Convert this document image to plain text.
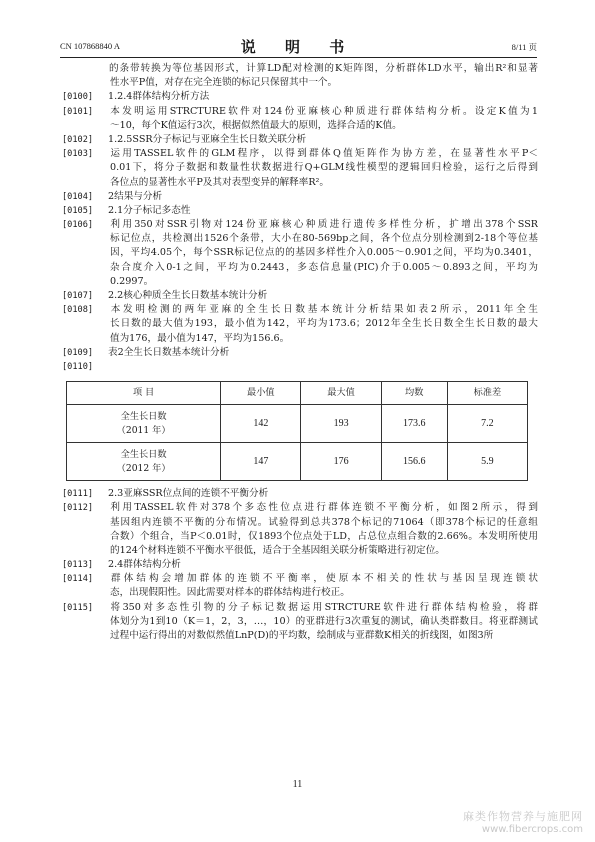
CN 107868840 A	说 明 书	8/11 页
的条带转换为等位基因形式，计算LD配对检测的K矩阵图，分析群体LD水平，输出R²和显著
性水平P值，对存在完全连锁的标记只保留其中一个。
[0100] 1.2.4群体结构分析方法
[0101] 本发明运用STRCTURE软件对124份亚麻核心种质进行群体结构分析。设定K值为1
～10，每个K值运行3次，根据似然值最大的原则，选择合适的K值。
[0102] 1.2.5SSR分子标记与亚麻全生长日数关联分析
[0103] 运用TASSEL软件的GLM程序，以得到群体Q值矩阵作为协方差，在显著性水平P＜
0.01下，将分子数据和数量性状数据进行Q+GLM线性模型的逻辑回归检验，运行之后得到
各位点的显著性水平P及其对表型变异的解释率R²。
[0104] 2结果与分析
[0105] 2.1分子标记多态性
[0106] 利用350对SSR引物对124份亚麻核心种质进行遗传多样性分析，扩增出378个SSR
标记位点，共检测出1526个条带，大小在80-569bp之间，各个位点分别检测到2-18个等位基
因，平均4.05个，每个SSR标记位点的的基因多样性介入0.005～0.901之间，平均为0.3401，
杂合度介入0-1之间，平均为0.2443，多态信息量(PIC)介于0.005～0.893之间，平均为
0.2997。
[0107] 2.2核心种质全生长日数基本统计分析
[0108] 本发明检测的两年亚麻的全生长日数基本统计分析结果如表2所示，2011年全生
长日数的最大值为193，最小值为142，平均为173.6；2012年全生长日数全生长日数的最大
值为176，最小值为147，平均为156.6。
[0109] 表2全生长日数基本统计分析
[0110]
项 目	最小值	最大值	均数	标准差

全生长日数
（2011 年）	142	193	173.6	7.2

全生长日数
（2012 年）	147	176	156.6	5.9
[0111] 2.3亚麻SSR位点间的连锁不平衡分析
[0112] 利用TASSEL软件对378个多态性位点进行群体连锁不平衡分析，如图2所示，得到
基因组内连锁不平衡的分布情况。试验得到总共378个标记的71064（即378个标记的任意组
合数）个组合，当P＜0.01时，仅1893个位点处于LD，占总位点组合数的2.66%。本发明所使用
的124个材料连锁不平衡水平很低，适合于全基因组关联分析策略进行初定位。
[0113] 2.4群体结构分析
[0114] 群体结构会增加群体的连锁不平衡率，使原本不相关的性状与基因呈现连锁状
态，出现假阳性。因此需要对样本的群体结构进行校正。
[0115] 将350对多态性引物的分子标记数据运用STRCTURE软件进行群体结构检验，将群
体划分为1到10（K＝1，2，3，…，10）的亚群进行3次重复的测试，确认类群数目。将亚群测试
过程中运行得出的对数似然值LnP(D)的平均数，绘制成与亚群数K相关的折线图，如图3所
11
麻类作物营养与施肥网
www.fibercrops.com
